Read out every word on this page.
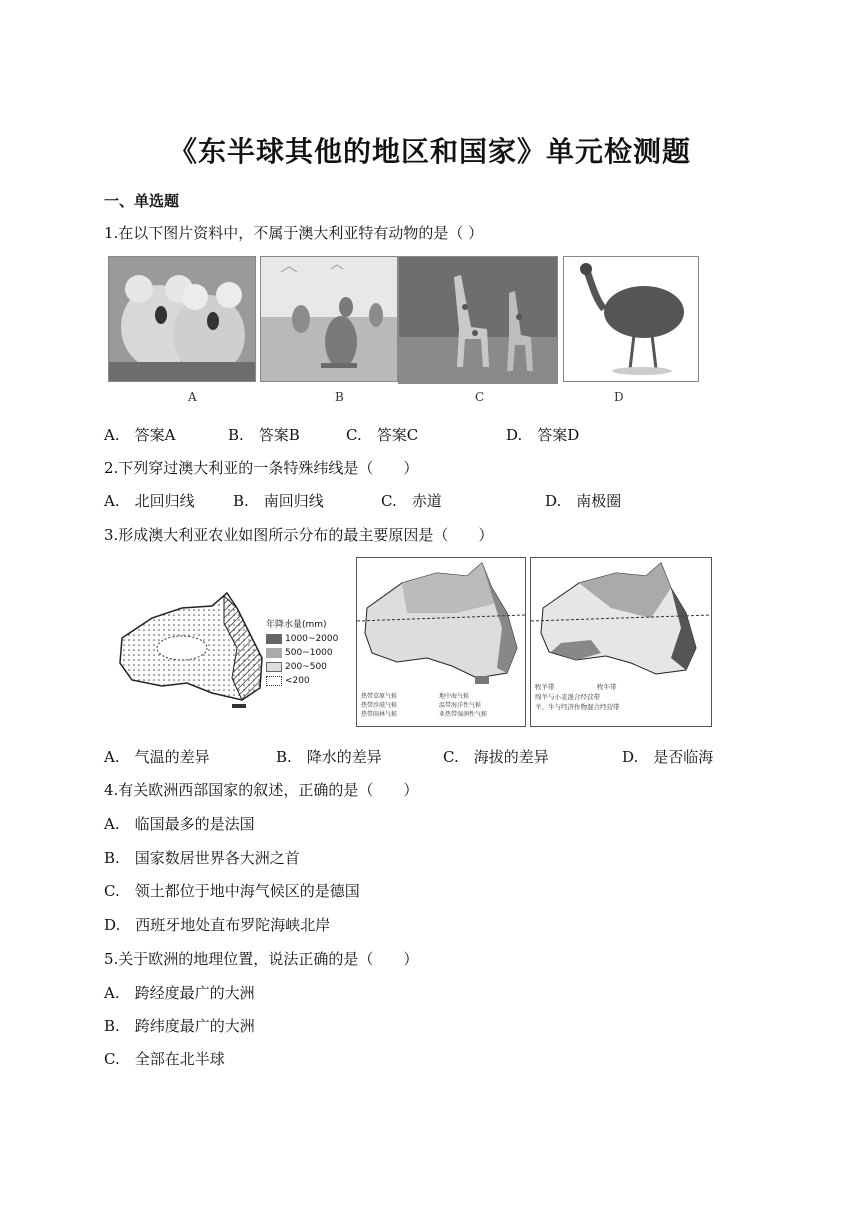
《东半球其他的地区和国家》单元检测题
一、单选题
1.在以下图片资料中，不属于澳大利亚特有动物的是（ ）
A	B	C	D
A.　答案A	B.　答案B	C.　答案C	D.　答案D
2.下列穿过澳大利亚的一条特殊纬线是（　　）
A.　北回归线	B.　南回归线	C.　赤道	D.　南极圈
3.形成澳大利亚农业如图所示分布的最主要原因是（　　）
年降水量(mm)
1000~2000
500~1000
200~500
<200
热带草原气候	地中海气候
热带沙漠气候	温带海洋性气候
热带雨林气候	亚热带湿润性气候
牧羊带	牧牛带
绵羊与小麦混合经营带
羊、牛与经济作物混合经营带
A.　气温的差异	B.　降水的差异	C.　海拔的差异	D.　是否临海
4.有关欧洲西部国家的叙述，正确的是（　　）
A.　临国最多的是法国
B.　国家数居世界各大洲之首
C.　领土都位于地中海气候区的是德国
D.　西班牙地处直布罗陀海峡北岸
5.关于欧洲的地理位置，说法正确的是（　　）
A.　跨经度最广的大洲
B.　跨纬度最广的大洲
C.　全部在北半球
